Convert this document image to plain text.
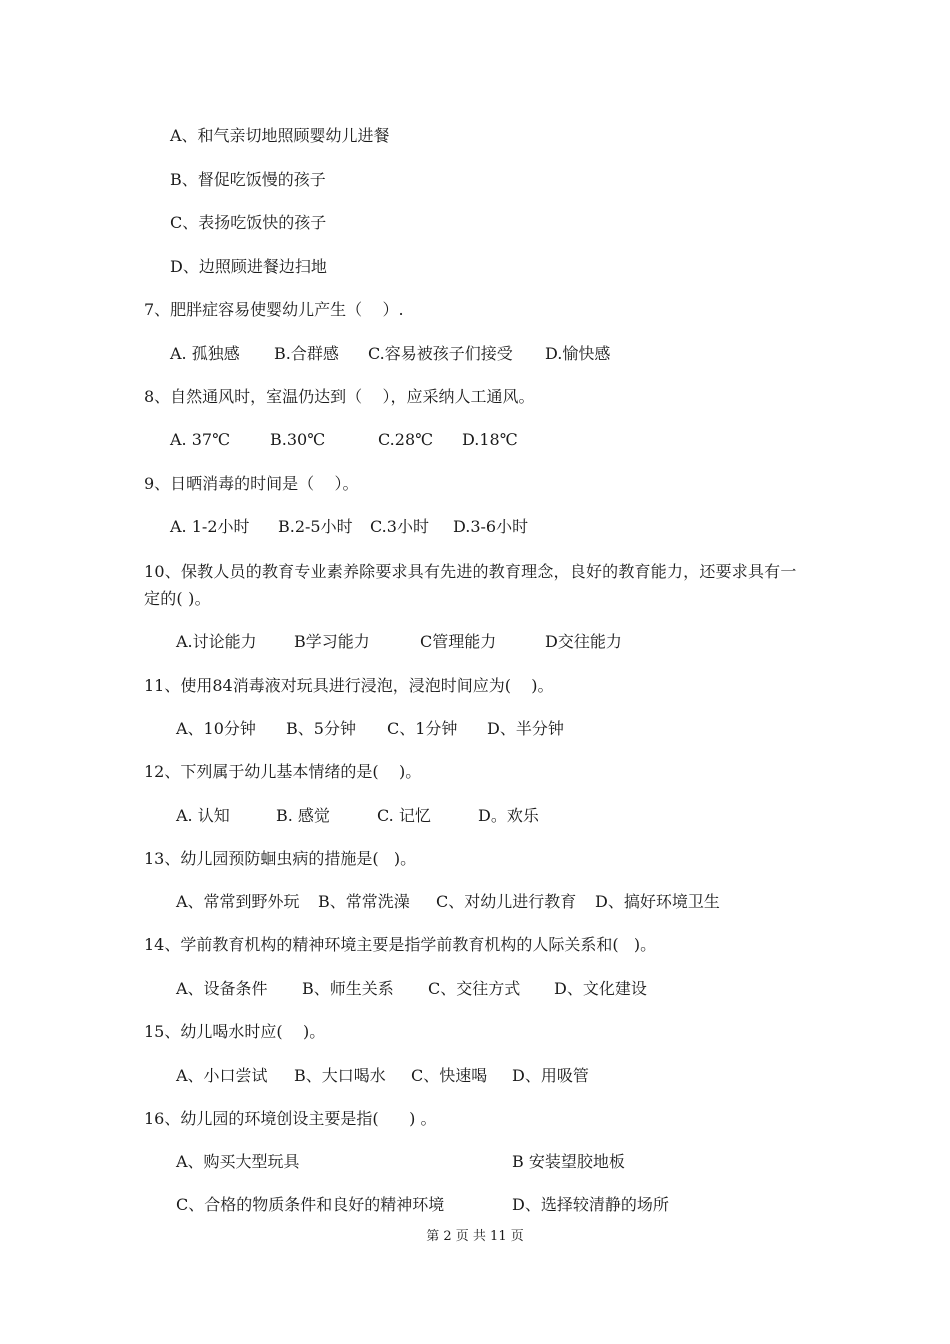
A、和气亲切地照顾婴幼儿进餐
B、督促吃饭慢的孩子
C、表扬吃饭快的孩子
D、边照顾进餐边扫地
7、肥胖症容易使婴幼儿产生（    ）.
A. 孤独感 B.合群感 C.容易被孩子们接受 D.愉快感
8、自然通风时，室温仍达到（    ），应采纳人工通风。
A. 37℃	B.30℃	C.28℃ D.18℃
9、日晒消毒的时间是（    ）。
A. 1-2小时 B.2-5小时 C.3小时 D.3-6小时
10、保教人员的教育专业素养除要求具有先进的教育理念，良好的教育能力，还要求具有一定的( )。
A.讨论能力 B学习能力	C管理能力	D交往能力
11、使用84消毒液对玩具进行浸泡，浸泡时间应为(    )。
A、10分钟 B、5分钟 C、1分钟 D、半分钟
12、下列属于幼儿基本情绪的是(    )。
A. 认知	B. 感觉	C. 记忆	D。欢乐
13、幼儿园预防蛔虫病的措施是(   )。
A、常常到野外玩 B、常常洗澡 C、对幼儿进行教育 D、搞好环境卫生
14、学前教育机构的精神环境主要是指学前教育机构的人际关系和(   )。
A、设备条件 B、师生关系 C、交往方式 D、文化建设
15、幼儿喝水时应(    )。
A、小口尝试 B、大口喝水 C、快速喝 D、用吸管
16、幼儿园的环境创设主要是指(      ) 。
A、购买大型玩具	B 安装望胶地板
C、合格的物质条件和良好的精神环境	D、选择较清静的场所
第 2 页 共 11 页
